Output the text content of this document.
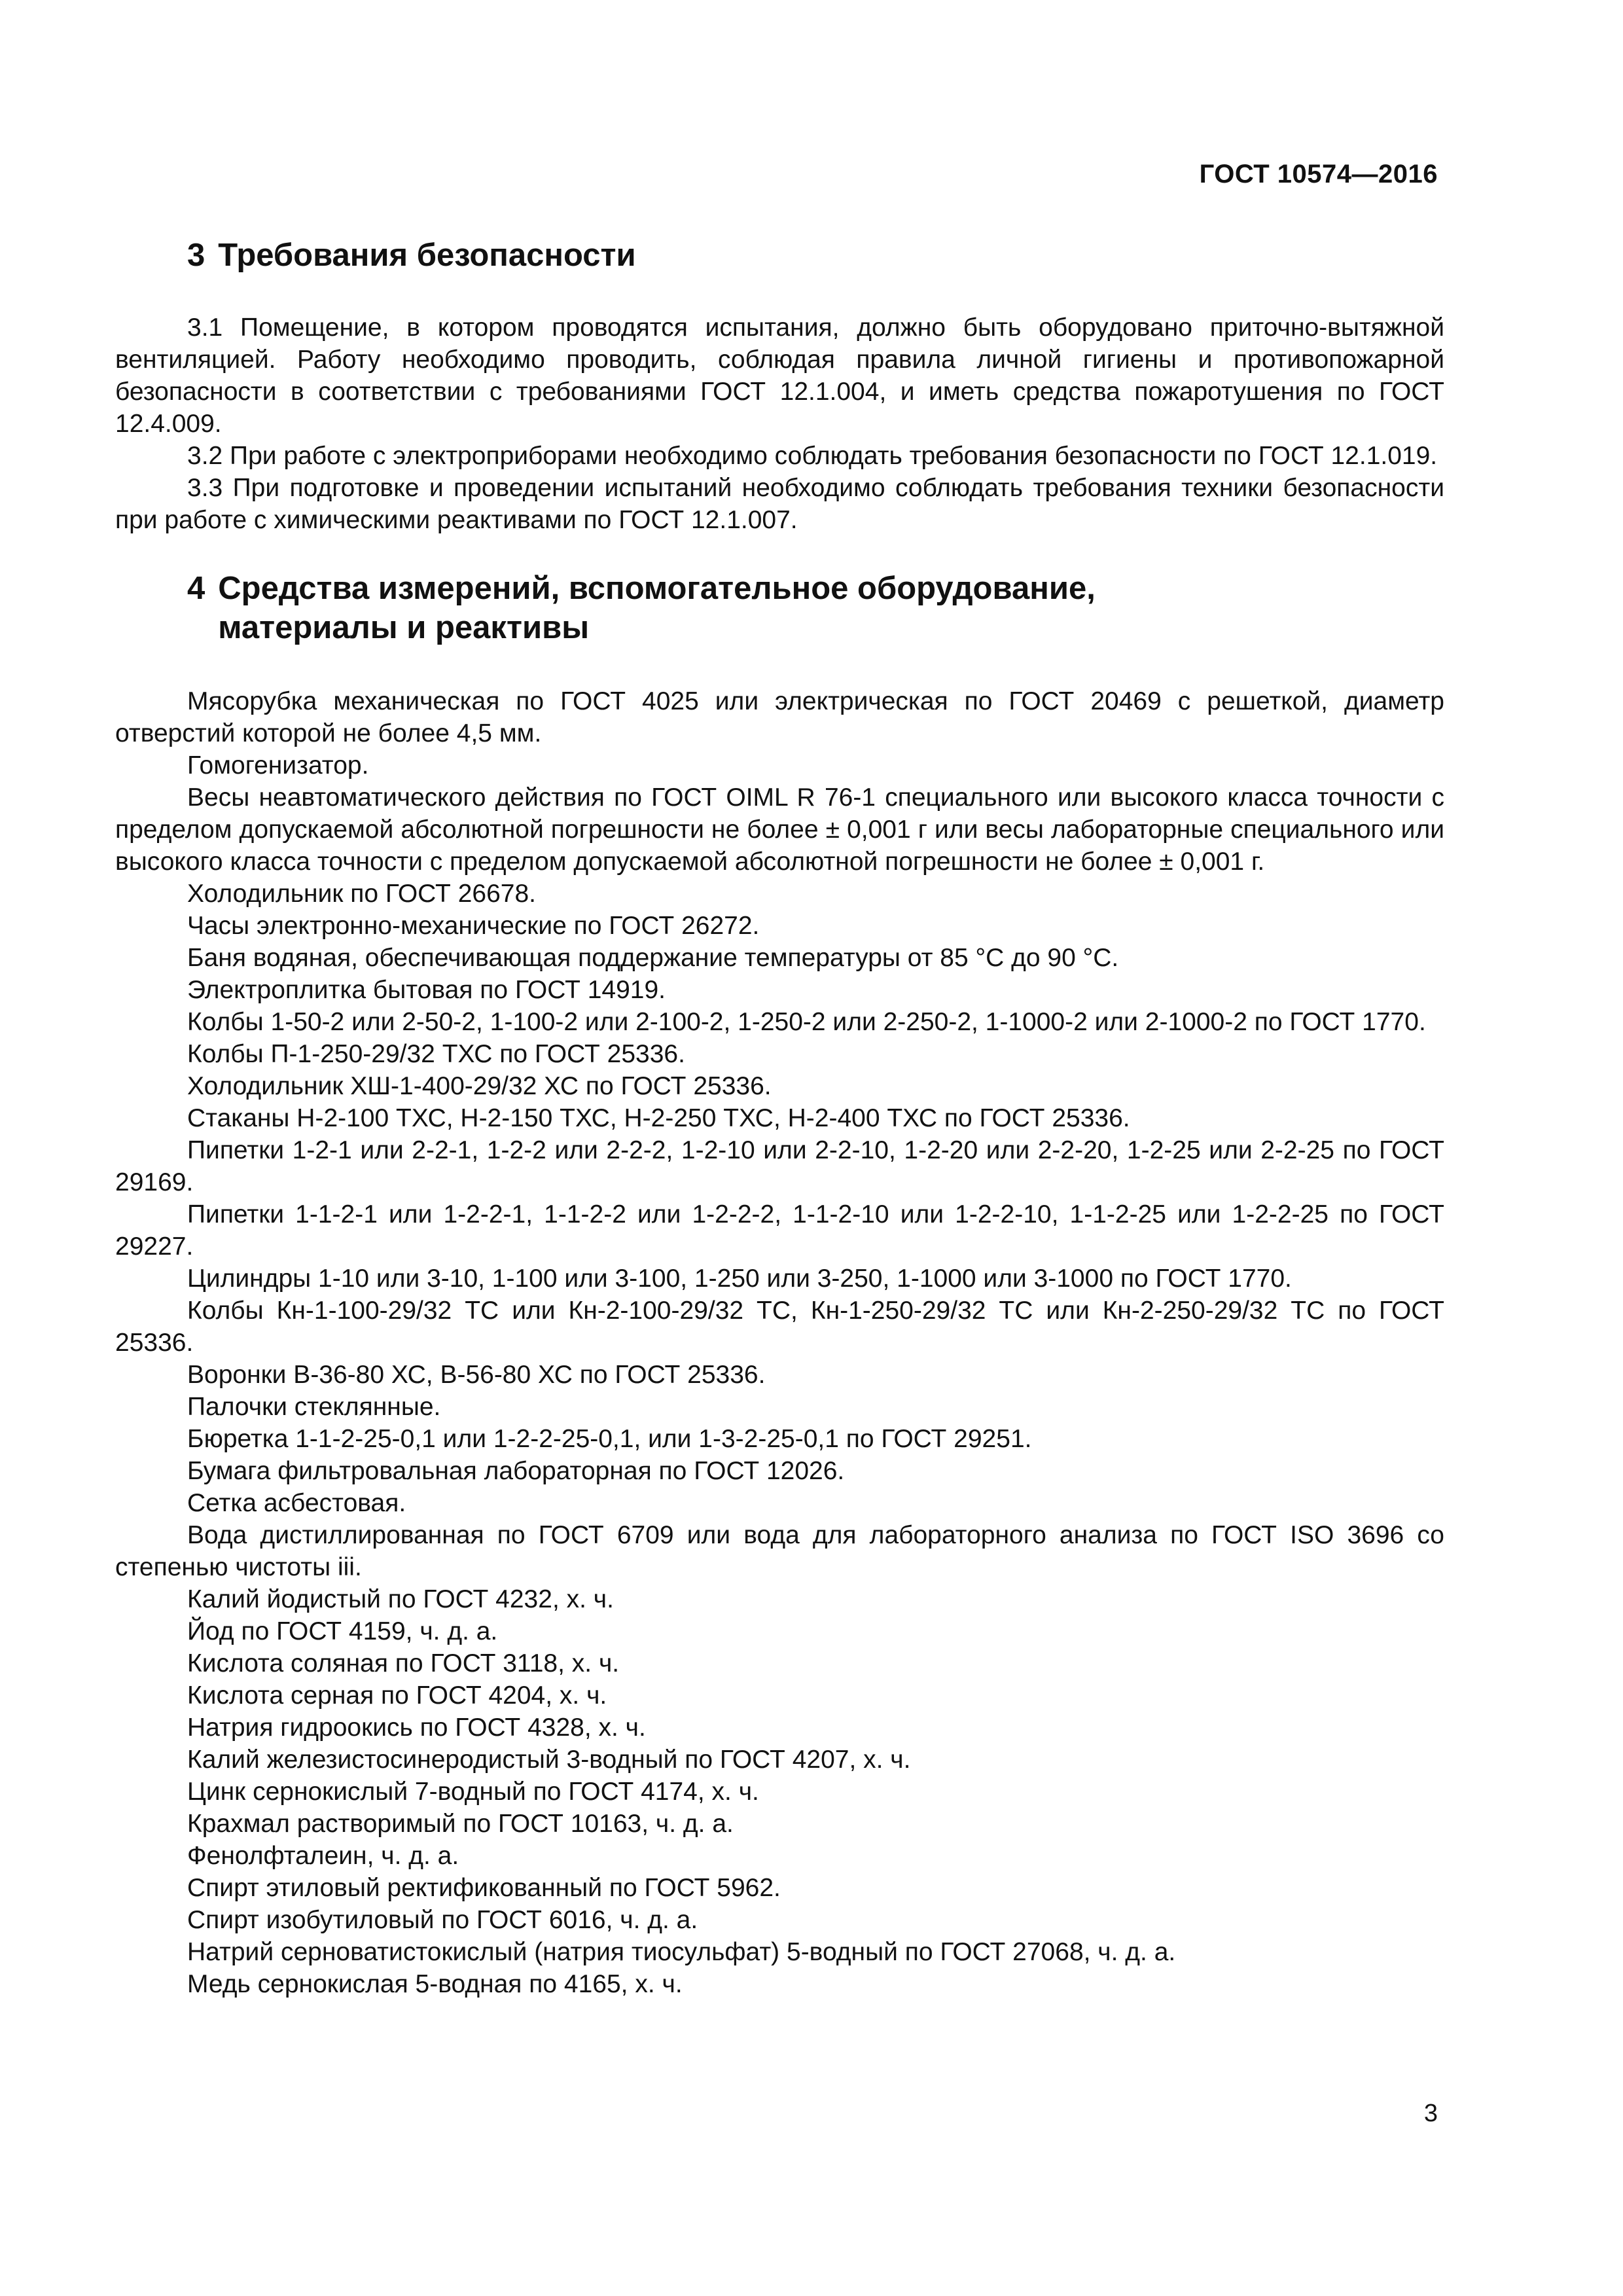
ГОСТ 10574—2016
3 Требования безопасности

3.1 Помещение, в котором проводятся испытания, должно быть оборудовано приточно-вытяжной вентиляцией. Работу необходимо проводить, соблюдая правила личной гигиены и противопожарной безопасности в соответствии с требованиями ГОСТ 12.1.004, и иметь средства пожаротушения по ГОСТ 12.4.009.

3.2 При работе с электроприборами необходимо соблюдать требования безопасности по ГОСТ 12.1.019.

3.3 При подготовке и проведении испытаний необходимо соблюдать требования техники безопасности при работе с химическими реактивами по ГОСТ 12.1.007.

4 Средства измерений, вспомогательное оборудование, материалы и реактивы

Мясорубка механическая по ГОСТ 4025 или электрическая по ГОСТ 20469 с решеткой, диаметр отверстий которой не более 4,5 мм.

Гомогенизатор.

Весы неавтоматического действия по ГОСТ OIML R 76-1 специального или высокого класса точности с пределом допускаемой абсолютной погрешности не более ± 0,001 г или весы лабораторные специального или высокого класса точности с пределом допускаемой абсолютной погрешности не более ± 0,001 г.

Холодильник по ГОСТ 26678.

Часы электронно-механические по ГОСТ 26272.

Баня водяная, обеспечивающая поддержание температуры от 85 °С до 90 °С.

Электроплитка бытовая по ГОСТ 14919.

Колбы 1-50-2 или 2-50-2, 1-100-2 или 2-100-2, 1-250-2 или 2-250-2, 1-1000-2 или 2-1000-2 по ГОСТ 1770.

Колбы П-1-250-29/32 ТХС по ГОСТ 25336.

Холодильник ХШ-1-400-29/32 ХС по ГОСТ 25336.

Стаканы Н-2-100 ТХС, Н-2-150 ТХС, Н-2-250 ТХС, Н-2-400 ТХС по ГОСТ 25336.

Пипетки 1-2-1 или 2-2-1, 1-2-2 или 2-2-2, 1-2-10 или 2-2-10, 1-2-20 или 2-2-20, 1-2-25 или 2-2-25 по ГОСТ 29169.

Пипетки 1-1-2-1 или 1-2-2-1, 1-1-2-2 или 1-2-2-2, 1-1-2-10 или 1-2-2-10, 1-1-2-25 или 1-2-2-25 по ГОСТ 29227.

Цилиндры 1-10 или 3-10, 1-100 или 3-100, 1-250 или 3-250, 1-1000 или 3-1000 по ГОСТ 1770.

Колбы Кн-1-100-29/32 ТС или Кн-2-100-29/32 ТС, Кн-1-250-29/32 ТС или Кн-2-250-29/32 ТС по ГОСТ 25336.

Воронки В-36-80 ХС, В-56-80 ХС по ГОСТ 25336.

Палочки стеклянные.

Бюретка 1-1-2-25-0,1 или 1-2-2-25-0,1, или 1-3-2-25-0,1 по ГОСТ 29251.

Бумага фильтровальная лабораторная по ГОСТ 12026.

Сетка асбестовая.

Вода дистиллированная по ГОСТ 6709 или вода для лабораторного анализа по ГОСТ ISO 3696 со степенью чистоты iii.

Калий йодистый по ГОСТ 4232, х. ч.

Йод по ГОСТ 4159, ч. д. а.

Кислота соляная по ГОСТ 3118, х. ч.

Кислота серная по ГОСТ 4204, х. ч.

Натрия гидроокись по ГОСТ 4328, х. ч.

Калий железистосинеродистый 3-водный по ГОСТ 4207, х. ч.

Цинк сернокислый 7-водный по ГОСТ 4174, х. ч.

Крахмал растворимый по ГОСТ 10163, ч. д. а.

Фенолфталеин, ч. д. а.

Спирт этиловый ректификованный по ГОСТ 5962.

Спирт изобутиловый по ГОСТ 6016, ч. д. а.

Натрий серноватистокислый (натрия тиосульфат) 5-водный по ГОСТ 27068, ч. д. а.

Медь сернокислая 5-водная по 4165, х. ч.

3
